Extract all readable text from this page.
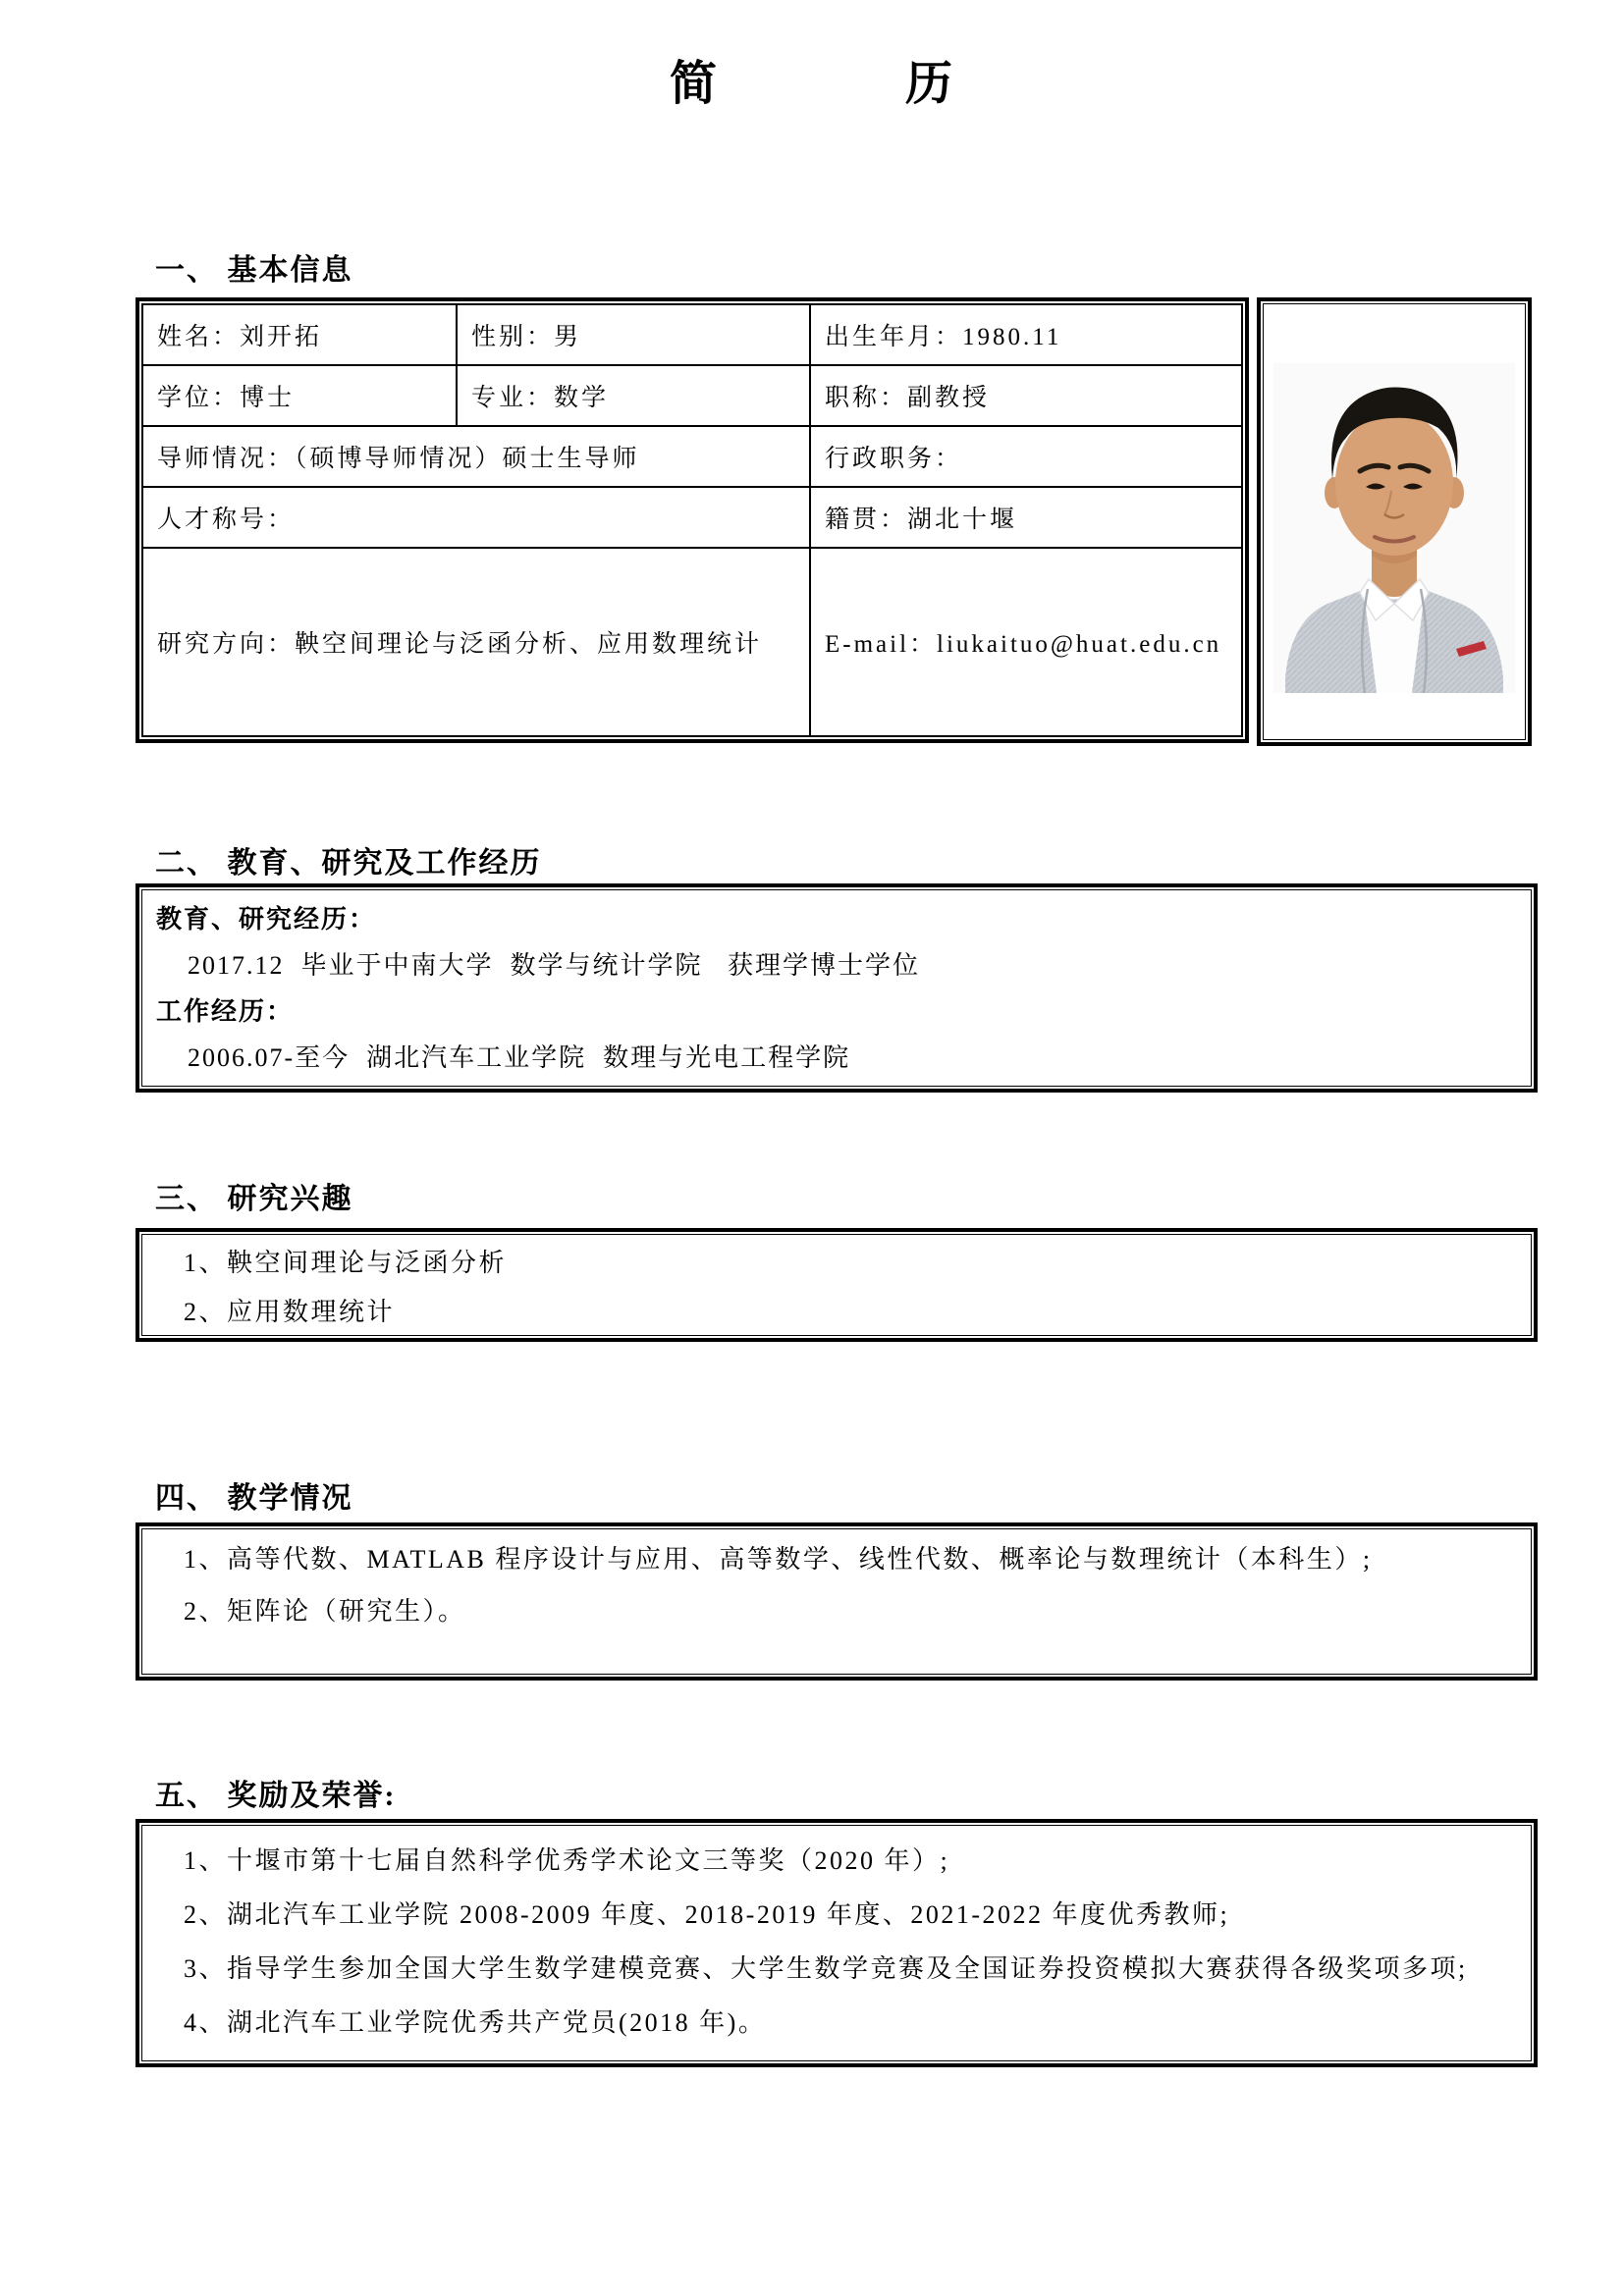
简	历
一、 基本信息
姓名：刘开拓	性别：男	出生年月：1980.11
学位：博士	专业：数学	职称：副教授
导师情况：（硕博导师情况）硕士生导师		行政职务：
人才称号：		籍贯：湖北十堰
研究方向：鞅空间理论与泛函分析、应用数理统计		E-mail：liukaituo@huat.edu.cn
二、 教育、研究及工作经历
教育、研究经历：
2017.12  毕业于中南大学  数学与统计学院   获理学博士学位
工作经历：
2006.07-至今  湖北汽车工业学院  数理与光电工程学院
三、 研究兴趣
1、鞅空间理论与泛函分析
2、应用数理统计
四、 教学情况
1、高等代数、MATLAB 程序设计与应用、高等数学、线性代数、概率论与数理统计（本科生）;
2、矩阵论（研究生）。
五、 奖励及荣誉:
1、十堰市第十七届自然科学优秀学术论文三等奖（2020 年）;
2、湖北汽车工业学院 2008-2009 年度、2018-2019 年度、2021-2022 年度优秀教师;
3、指导学生参加全国大学生数学建模竞赛、大学生数学竞赛及全国证券投资模拟大赛获得各级奖项多项;
4、湖北汽车工业学院优秀共产党员(2018 年)。
